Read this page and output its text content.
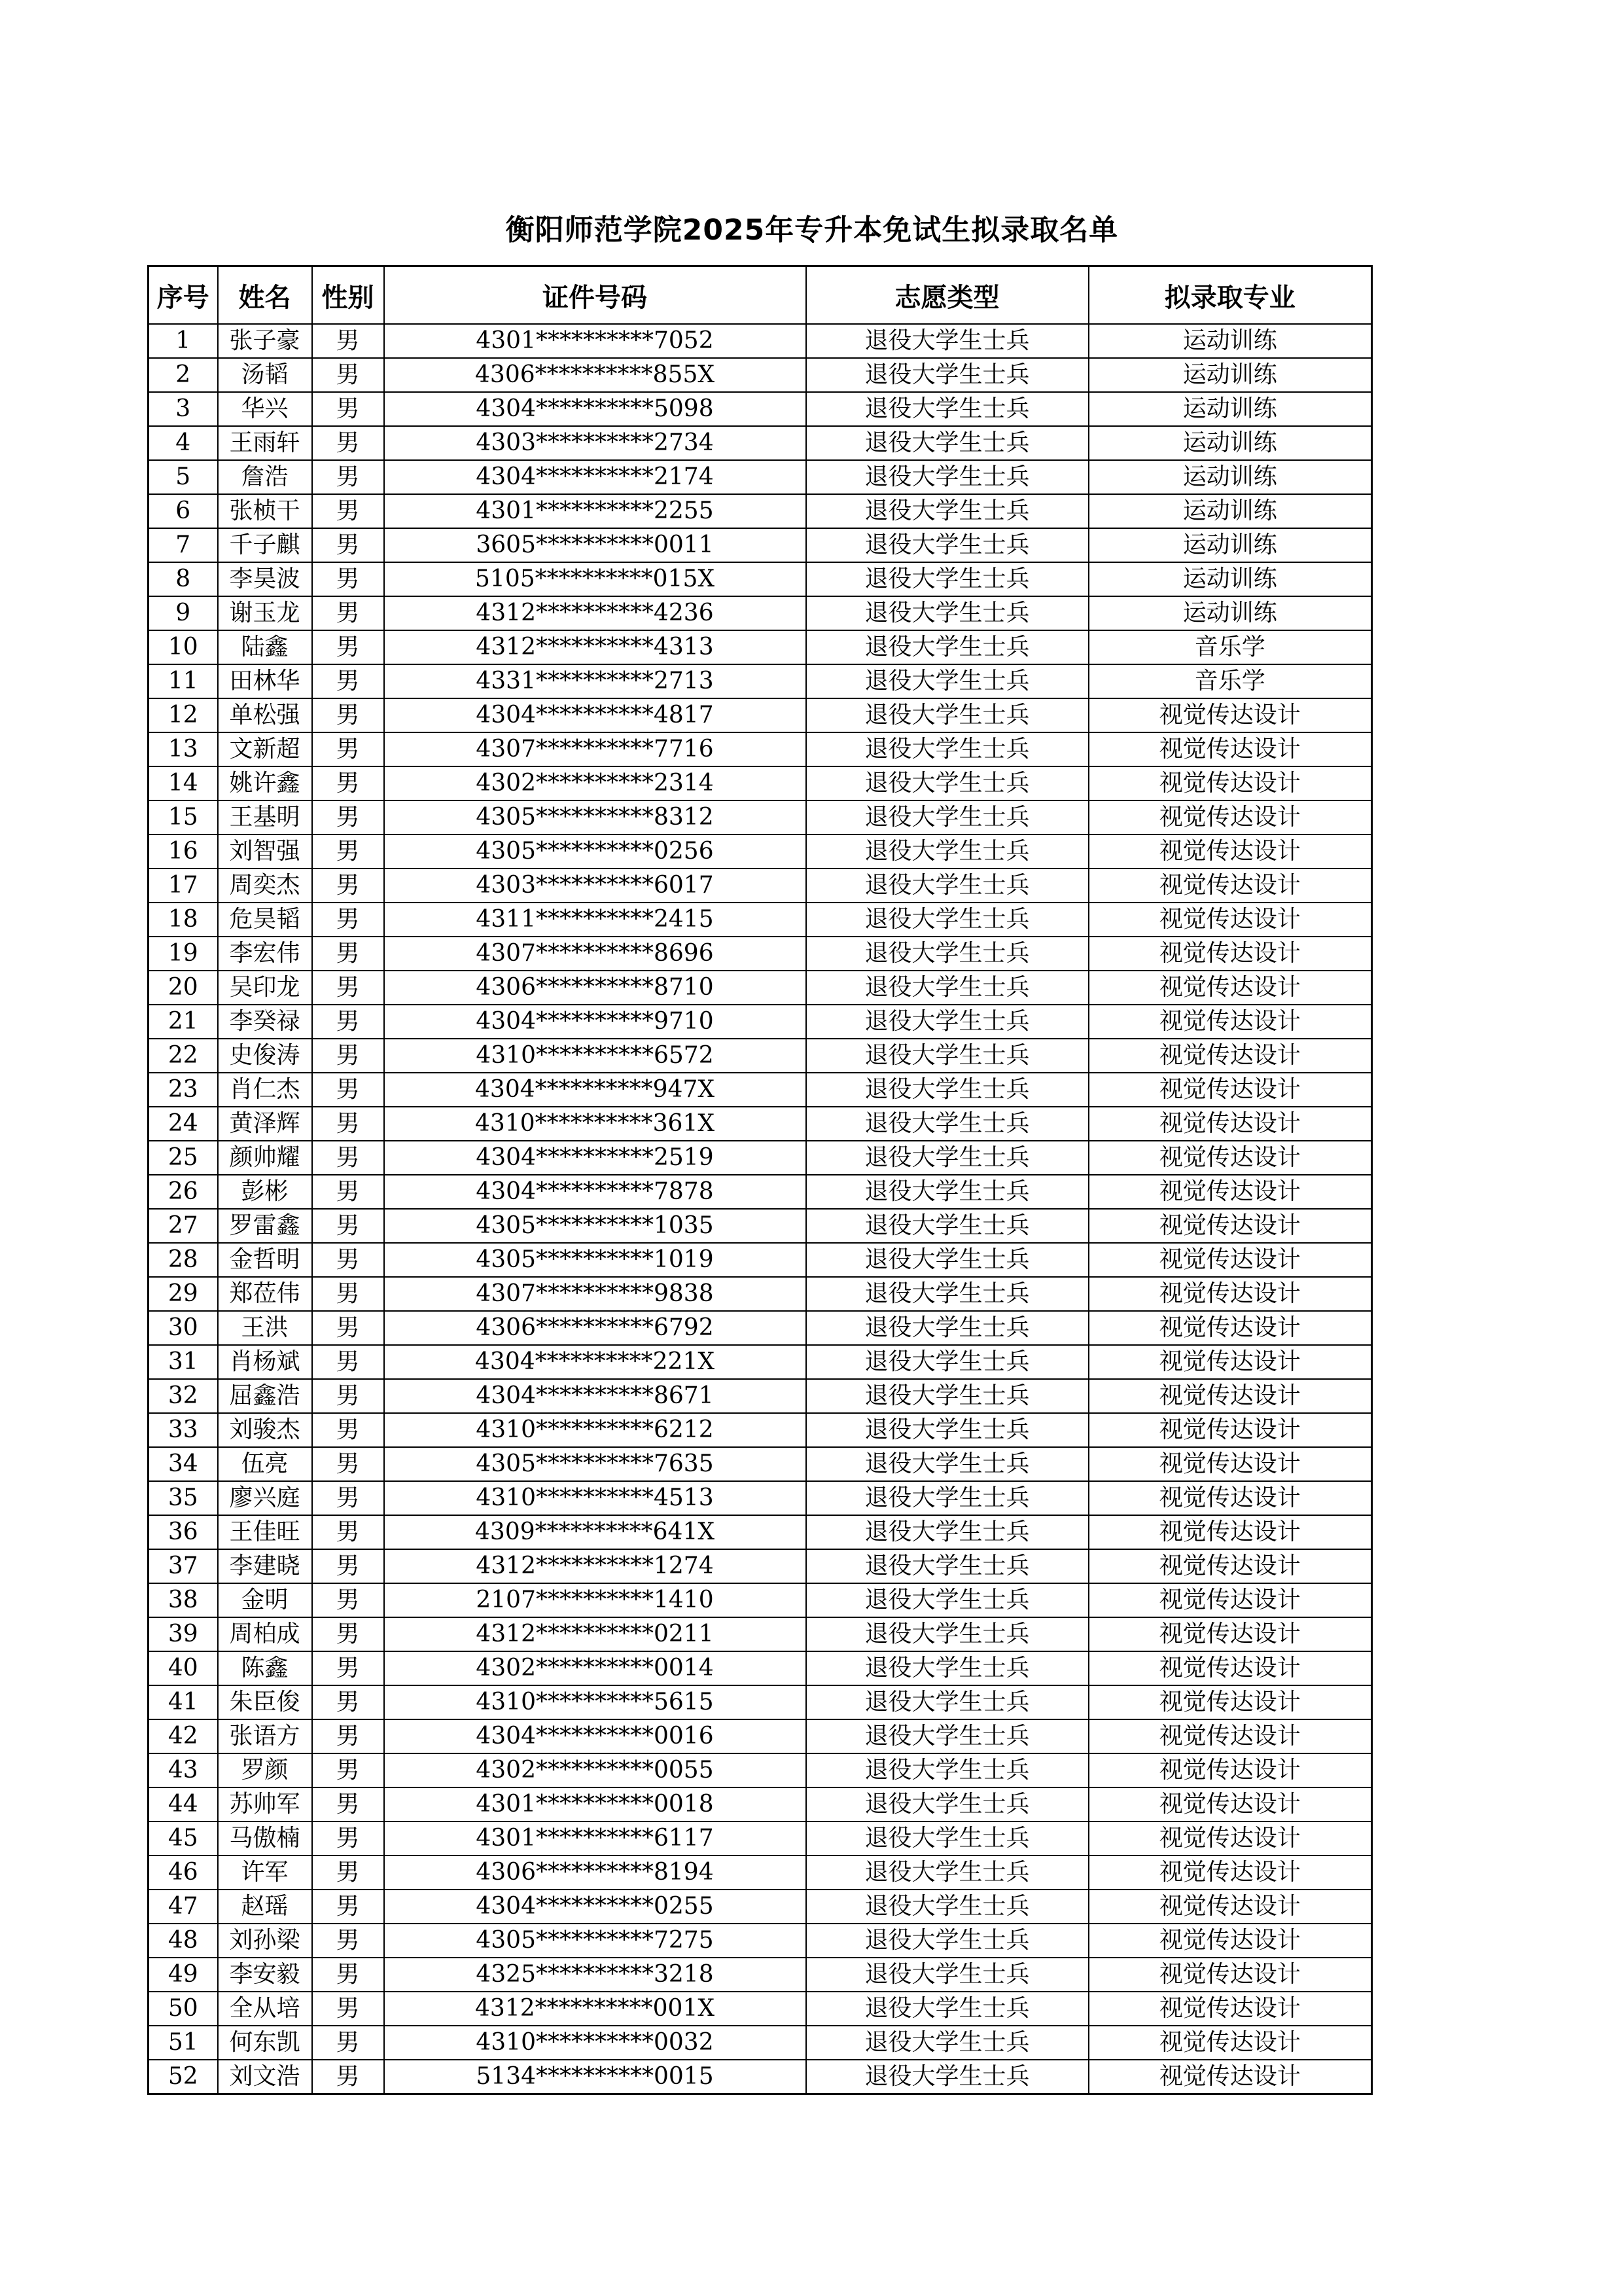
衡阳师范学院2025年专升本免试生拟录取名单
序号	姓名	性别	证件号码	志愿类型	拟录取专业
1	张子豪	男	4301**********7052	退役大学生士兵	运动训练
2	汤韬	男	4306**********855X	退役大学生士兵	运动训练
3	华兴	男	4304**********5098	退役大学生士兵	运动训练
4	王雨轩	男	4303**********2734	退役大学生士兵	运动训练
5	詹浩	男	4304**********2174	退役大学生士兵	运动训练
6	张桢干	男	4301**********2255	退役大学生士兵	运动训练
7	千子麒	男	3605**********0011	退役大学生士兵	运动训练
8	李昊波	男	5105**********015X	退役大学生士兵	运动训练
9	谢玉龙	男	4312**********4236	退役大学生士兵	运动训练
10	陆鑫	男	4312**********4313	退役大学生士兵	音乐学
11	田林华	男	4331**********2713	退役大学生士兵	音乐学
12	单松强	男	4304**********4817	退役大学生士兵	视觉传达设计
13	文新超	男	4307**********7716	退役大学生士兵	视觉传达设计
14	姚许鑫	男	4302**********2314	退役大学生士兵	视觉传达设计
15	王基明	男	4305**********8312	退役大学生士兵	视觉传达设计
16	刘智强	男	4305**********0256	退役大学生士兵	视觉传达设计
17	周奕杰	男	4303**********6017	退役大学生士兵	视觉传达设计
18	危昊韬	男	4311**********2415	退役大学生士兵	视觉传达设计
19	李宏伟	男	4307**********8696	退役大学生士兵	视觉传达设计
20	吴印龙	男	4306**********8710	退役大学生士兵	视觉传达设计
21	李癸禄	男	4304**********9710	退役大学生士兵	视觉传达设计
22	史俊涛	男	4310**********6572	退役大学生士兵	视觉传达设计
23	肖仁杰	男	4304**********947X	退役大学生士兵	视觉传达设计
24	黄泽辉	男	4310**********361X	退役大学生士兵	视觉传达设计
25	颜帅耀	男	4304**********2519	退役大学生士兵	视觉传达设计
26	彭彬	男	4304**********7878	退役大学生士兵	视觉传达设计
27	罗雷鑫	男	4305**********1035	退役大学生士兵	视觉传达设计
28	金哲明	男	4305**********1019	退役大学生士兵	视觉传达设计
29	郑莅伟	男	4307**********9838	退役大学生士兵	视觉传达设计
30	王洪	男	4306**********6792	退役大学生士兵	视觉传达设计
31	肖杨斌	男	4304**********221X	退役大学生士兵	视觉传达设计
32	屈鑫浩	男	4304**********8671	退役大学生士兵	视觉传达设计
33	刘骏杰	男	4310**********6212	退役大学生士兵	视觉传达设计
34	伍亮	男	4305**********7635	退役大学生士兵	视觉传达设计
35	廖兴庭	男	4310**********4513	退役大学生士兵	视觉传达设计
36	王佳旺	男	4309**********641X	退役大学生士兵	视觉传达设计
37	李建晓	男	4312**********1274	退役大学生士兵	视觉传达设计
38	金明	男	2107**********1410	退役大学生士兵	视觉传达设计
39	周柏成	男	4312**********0211	退役大学生士兵	视觉传达设计
40	陈鑫	男	4302**********0014	退役大学生士兵	视觉传达设计
41	朱臣俊	男	4310**********5615	退役大学生士兵	视觉传达设计
42	张语方	男	4304**********0016	退役大学生士兵	视觉传达设计
43	罗颜	男	4302**********0055	退役大学生士兵	视觉传达设计
44	苏帅军	男	4301**********0018	退役大学生士兵	视觉传达设计
45	马傲楠	男	4301**********6117	退役大学生士兵	视觉传达设计
46	许军	男	4306**********8194	退役大学生士兵	视觉传达设计
47	赵瑶	男	4304**********0255	退役大学生士兵	视觉传达设计
48	刘孙梁	男	4305**********7275	退役大学生士兵	视觉传达设计
49	李安毅	男	4325**********3218	退役大学生士兵	视觉传达设计
50	全从培	男	4312**********001X	退役大学生士兵	视觉传达设计
51	何东凯	男	4310**********0032	退役大学生士兵	视觉传达设计
52	刘文浩	男	5134**********0015	退役大学生士兵	视觉传达设计
